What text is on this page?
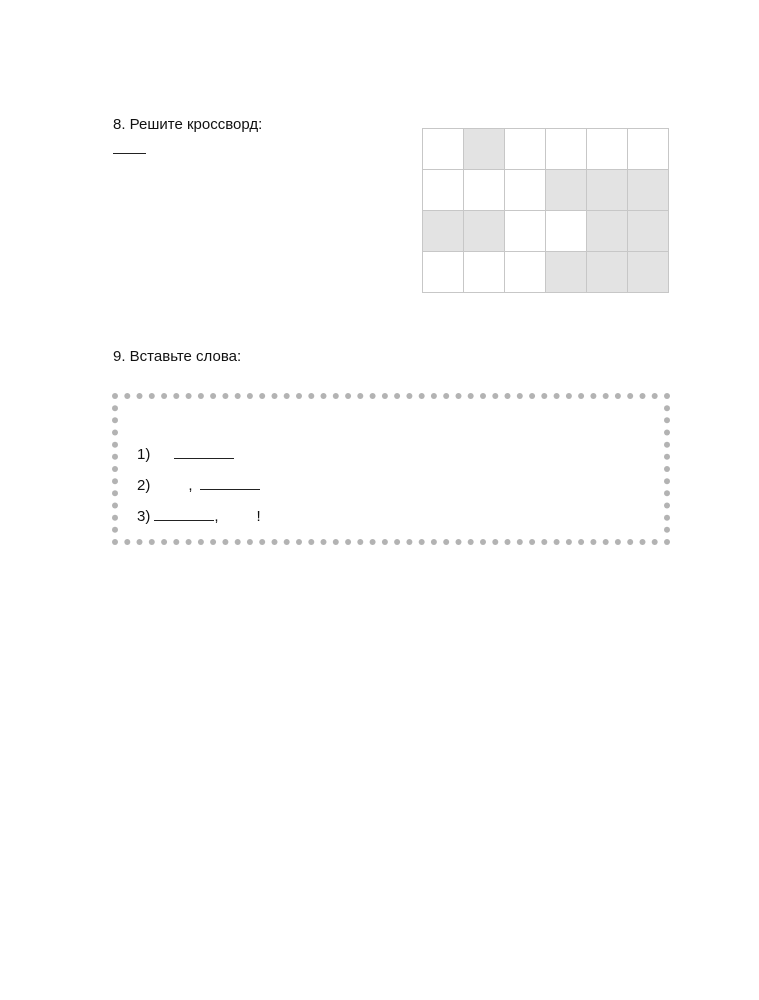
8. Решите кроссворд:
9. Вставьте слова:
1)
2)	,
3)	,	!
